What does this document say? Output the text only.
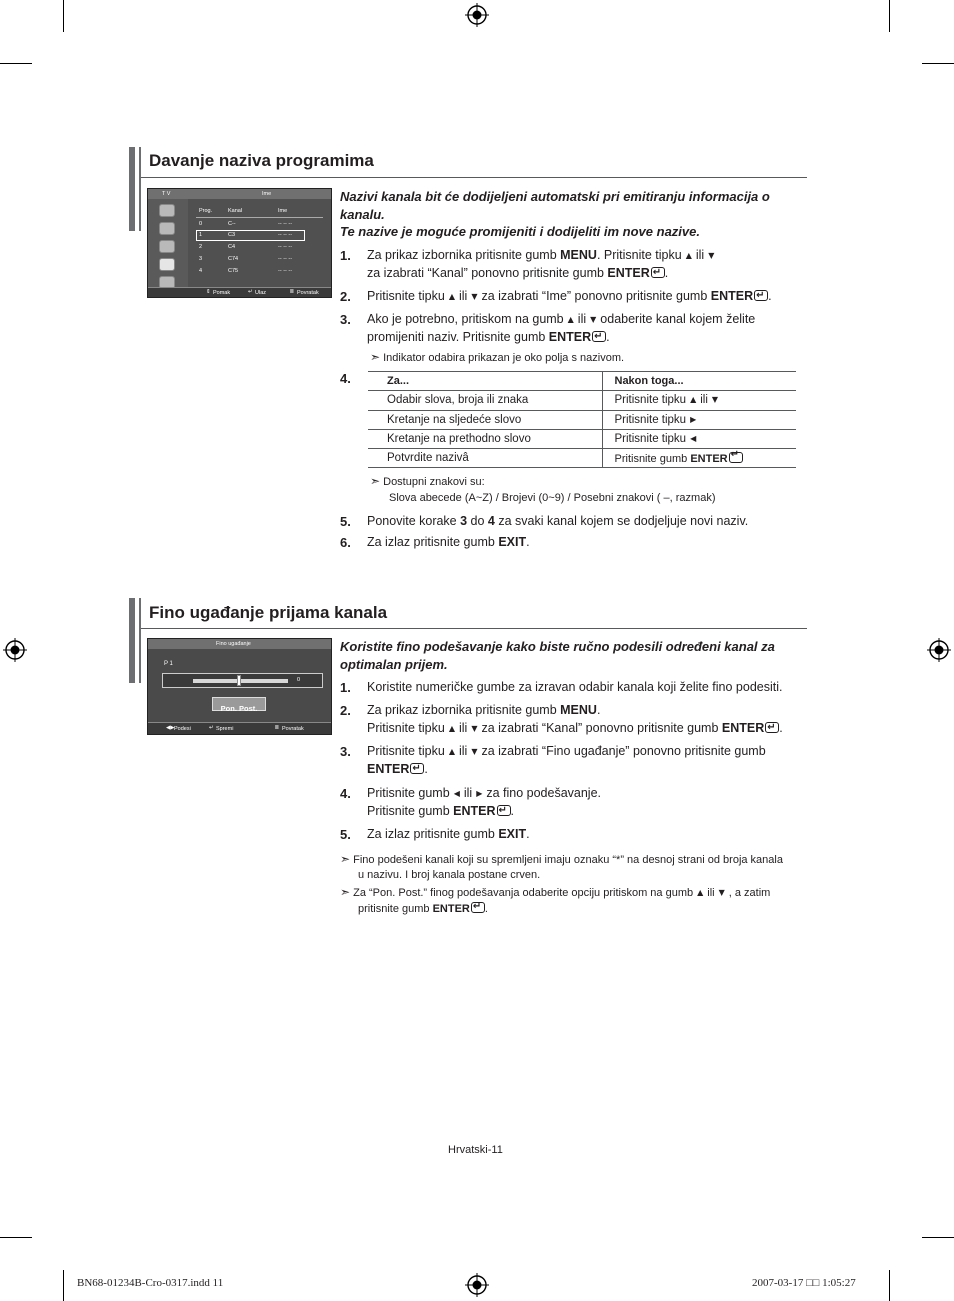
Davanje naziva programima
T V	Ime
Prog.	Kanal	Ime
0	C--	-- -- --
1	C3	-- -- --
2	C4	-- -- --
3	C74	-- -- --
4	C75	-- -- --
⇕ Pomak	↵ Ulaz	Ⅲ Povratak
Nazivi kanala bit će dodijeljeni automatski pri emitiranju informacija o kanalu.
Te nazive je moguće promijeniti i dodijeliti im nove nazive.
1. Za prikaz izbornika pritisnite gumb MENU. Pritisnite tipku ▲ ili ▼
za izabrati “Kanal” ponovno pritisnite gumb ENTER ↵ .
2. Pritisnite tipku ▲ ili ▼ za izabrati “Ime” ponovno pritisnite gumb ENTER ↵ .
3. Ako je potrebno, pritiskom na gumb ▲ ili ▼ odaberite kanal kojem želite
promijeniti naziv. Pritisnite gumb ENTER ↵ .
➣ Indikator odabira prikazan je oko polja s nazivom.
4.	Za...	Nakon toga...
Odabir slova, broja ili znaka	Pritisnite tipku ▲ ili ▼
Kretanje na sljedeće slovo	Pritisnite tipku ▶
Kretanje na prethodno slovo	Pritisnite tipku ◀
Potvrdite nazivâ	Pritisnite gumb ENTER↵
➣ Dostupni znakovi su:
Slova abecede (A~Z) / Brojevi (0~9) / Posebni znakovi ( –, razmak)
5. Ponovite korake 3 do 4 za svaki kanal kojem se dodjeljuje novi naziv.
6. Za izlaz pritisnite gumb EXIT.
Fino ugađanje prijama kanala
Fino ugađanje
P 1
0
Pon. Post.
◀▶ Podesi	↵ Spremi	Ⅲ Povratak
Koristite fino podešavanje kako biste ručno podesili određeni kanal za
optimalan prijem.
1. Koristite numeričke gumbe za izravan odabir kanala koji želite fino podesiti.
2. Za prikaz izbornika pritisnite gumb MENU.
Pritisnite tipku ▲ ili ▼ za izabrati “Kanal” ponovno pritisnite gumb ENTER ↵ .
3. Pritisnite tipku ▲ ili ▼ za izabrati “Fino ugađanje” ponovno pritisnite gumb
ENTER ↵ .
4. Pritisnite gumb ◀ ili ▶ za fino podešavanje.
Pritisnite gumb ENTER ↵ .
5. Za izlaz pritisnite gumb EXIT.
➣ Fino podešeni kanali koji su spremljeni imaju oznaku “*” na desnoj strani od broja kanala
u nazivu. I broj kanala postane crven.
➣ Za “Pon. Post.” finog podešavanja odaberite opciju pritiskom na gumb ▲ ili ▼ , a zatim
pritisnite gumb ENTER ↵ .
Hrvatski-11
BN68-01234B-Cro-0317.indd 11	2007-03-17 □□ 1:05:27
